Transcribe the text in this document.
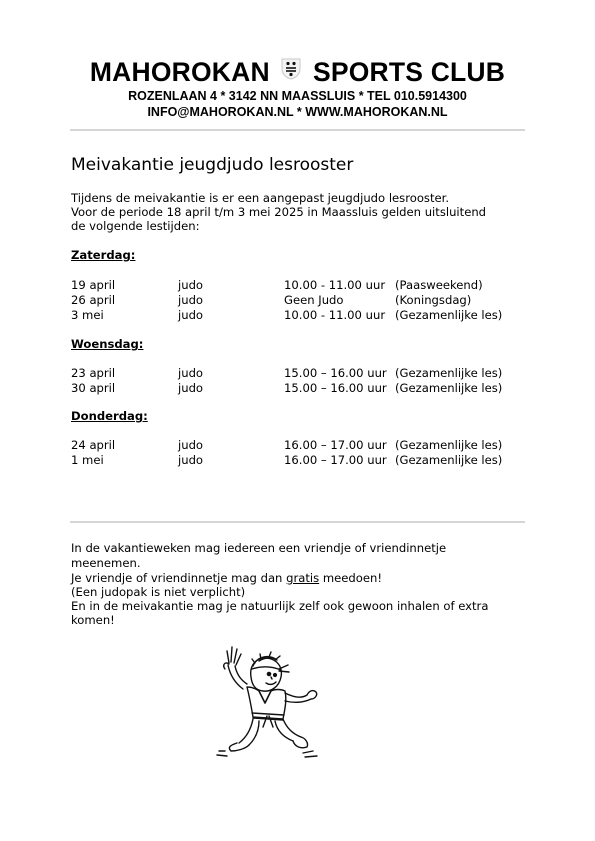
MAHOROKAN SPORTS CLUB
ROZENLAAN 4 * 3142 NN MAASSLUIS * TEL 010.5914300
INFO@MAHOROKAN.NL * WWW.MAHOROKAN.NL
Meivakantie jeugdjudo lesrooster
Tijdens de meivakantie is er een aangepast jeugdjudo lesrooster.
Voor de periode 18 april t/m 3 mei 2025 in Maassluis gelden uitsluitend
de volgende lestijden:
Zaterdag:
19 april	judo	10.00 - 11.00 uur (Paasweekend)
26 april	judo	Geen Judo	(Koningsdag)
3 mei	judo	10.00 - 11.00 uur (Gezamenlijke les)
Woensdag:
23 april	judo	15.00 – 16.00 uur (Gezamenlijke les)
30 april	judo	15.00 – 16.00 uur (Gezamenlijke les)
Donderdag:
24 april	judo	16.00 – 17.00 uur (Gezamenlijke les)
1 mei	judo	16.00 – 17.00 uur (Gezamenlijke les)
In de vakantieweken mag iedereen een vriendje of vriendinnetje
meenemen.
Je vriendje of vriendinnetje mag dan gratis meedoen!
(Een judopak is niet verplicht)
En in de meivakantie mag je natuurlijk zelf ook gewoon inhalen of extra
komen!
